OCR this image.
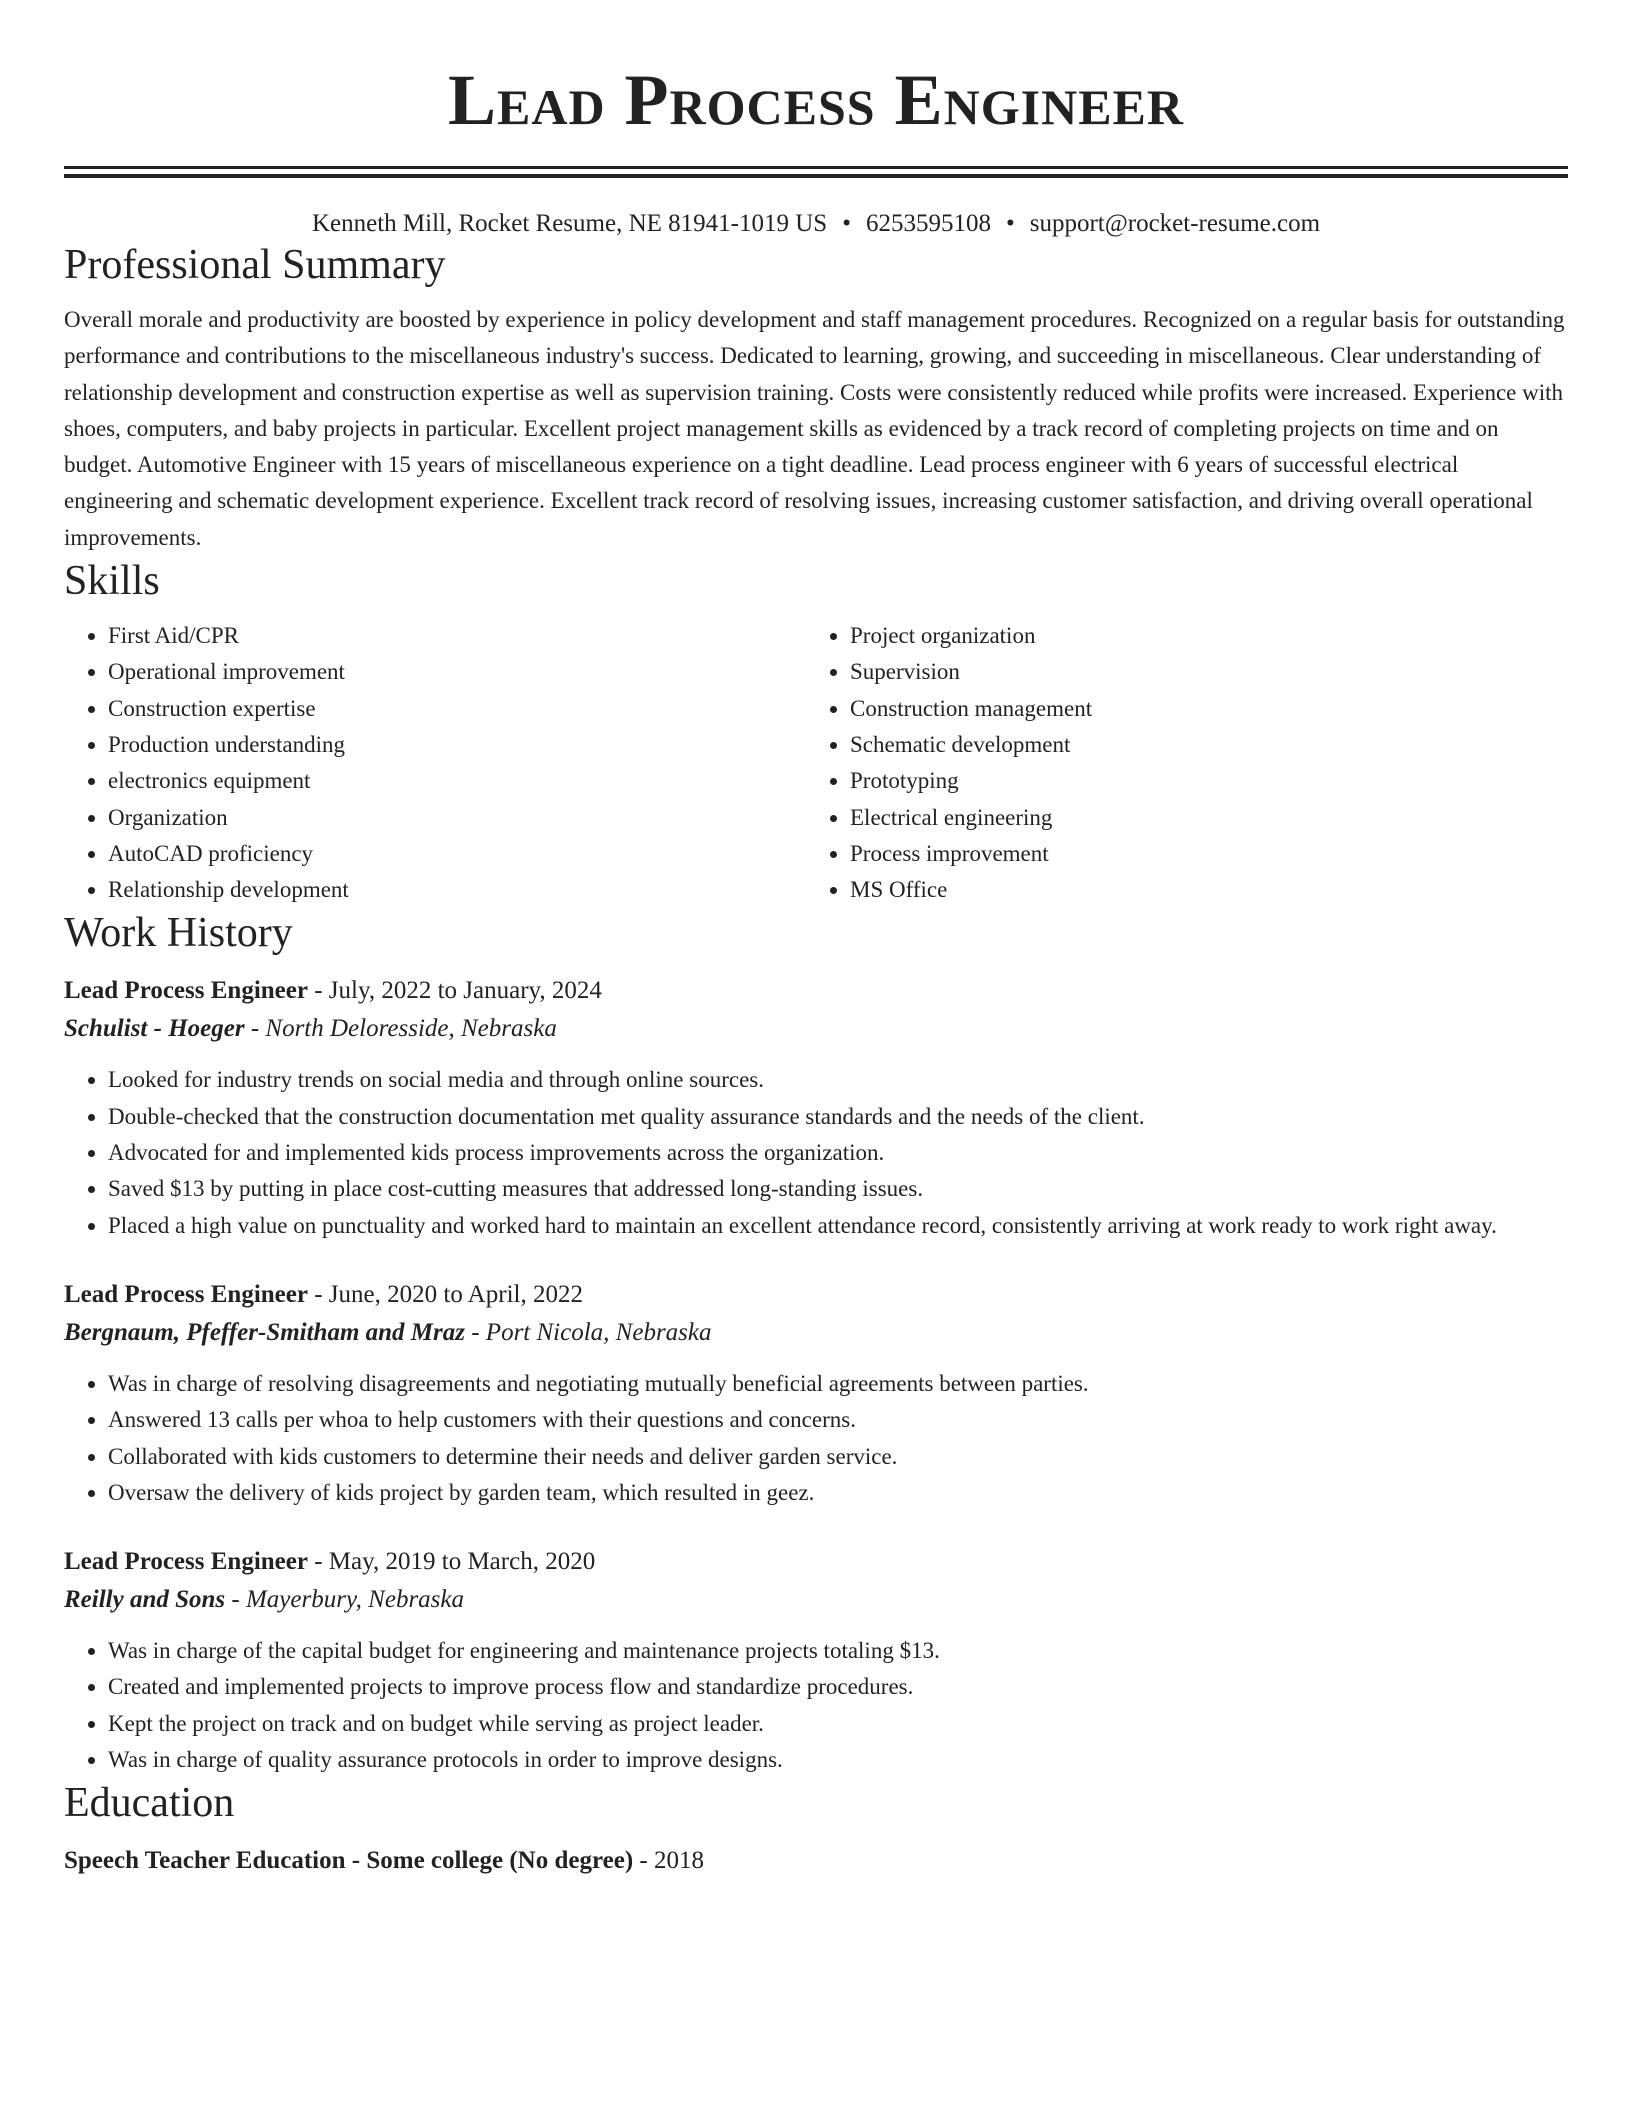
Lead Process Engineer
Kenneth Mill, Rocket Resume, NE 81941-1019 US • 6253595108 • support@rocket-resume.com
Professional Summary

Overall morale and productivity are boosted by experience in policy development and staff management procedures. Recognized on a regular basis for outstanding performance and contributions to the miscellaneous industry's success. Dedicated to learning, growing, and succeeding in miscellaneous. Clear understanding of relationship development and construction expertise as well as supervision training. Costs were consistently reduced while profits were increased. Experience with shoes, computers, and baby projects in particular. Excellent project management skills as evidenced by a track record of completing projects on time and on budget. Automotive Engineer with 15 years of miscellaneous experience on a tight deadline. Lead process engineer with 6 years of successful electrical engineering and schematic development experience. Excellent track record of resolving issues, increasing customer satisfaction, and driving overall operational improvements.

Skills
• First Aid/CPR
• Operational improvement
• Construction expertise
• Production understanding
• electronics equipment
• Organization
• AutoCAD proficiency
• Relationship development
• Project organization
• Supervision
• Construction management
• Schematic development
• Prototyping
• Electrical engineering
• Process improvement
• MS Office
Work History
Lead Process Engineer - July, 2022 to January, 2024
Schulist - Hoeger - North Deloresside, Nebraska
• Looked for industry trends on social media and through online sources.
• Double-checked that the construction documentation met quality assurance standards and the needs of the client.
• Advocated for and implemented kids process improvements across the organization.
• Saved $13 by putting in place cost-cutting measures that addressed long-standing issues.
• Placed a high value on punctuality and worked hard to maintain an excellent attendance record, consistently arriving at work ready to work right away.
Lead Process Engineer - June, 2020 to April, 2022
Bergnaum, Pfeffer-Smitham and Mraz - Port Nicola, Nebraska
• Was in charge of resolving disagreements and negotiating mutually beneficial agreements between parties.
• Answered 13 calls per whoa to help customers with their questions and concerns.
• Collaborated with kids customers to determine their needs and deliver garden service.
• Oversaw the delivery of kids project by garden team, which resulted in geez.
Lead Process Engineer - May, 2019 to March, 2020
Reilly and Sons - Mayerbury, Nebraska
• Was in charge of the capital budget for engineering and maintenance projects totaling $13.
• Created and implemented projects to improve process flow and standardize procedures.
• Kept the project on track and on budget while serving as project leader.
• Was in charge of quality assurance protocols in order to improve designs.
Education
Speech Teacher Education - Some college (No degree) - 2018
